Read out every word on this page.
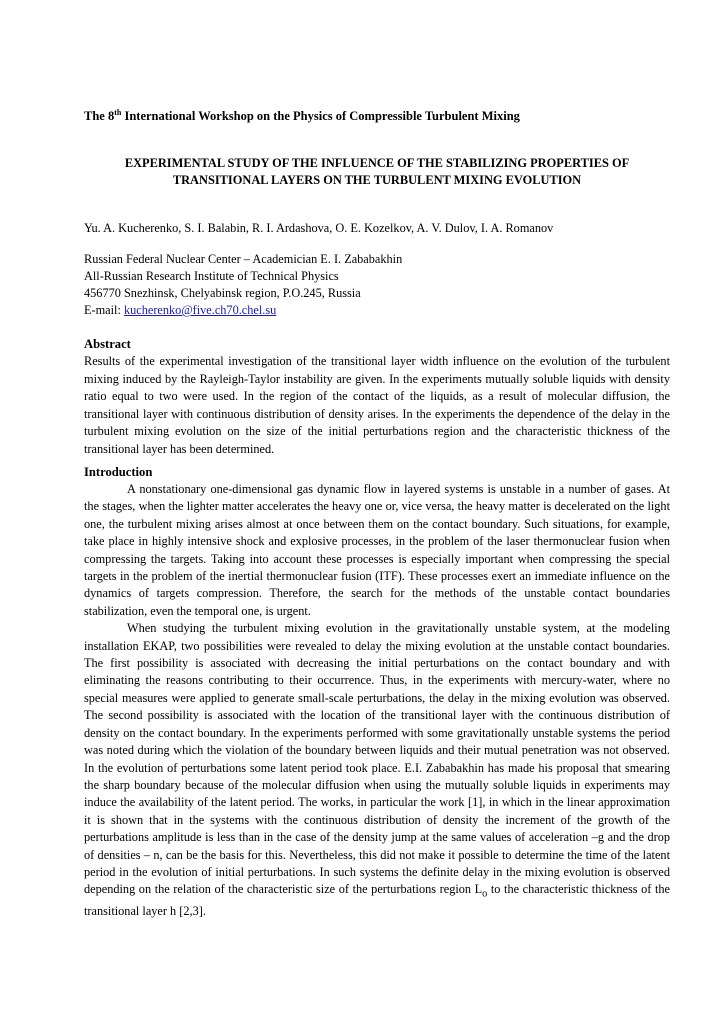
The 8th International Workshop on the Physics of Compressible Turbulent Mixing
EXPERIMENTAL STUDY OF THE INFLUENCE OF THE STABILIZING PROPERTIES OF TRANSITIONAL LAYERS ON THE TURBULENT MIXING EVOLUTION
Yu. A. Kucherenko, S. I. Balabin, R. I. Ardashova, O. E. Kozelkov, A. V. Dulov, I. A. Romanov
Russian Federal Nuclear Center – Academician E. I. Zababakhin
All-Russian Research Institute of Technical Physics
456770 Snezhinsk, Chelyabinsk region, P.O.245, Russia
E-mail: kucherenko@five.ch70.chel.su
Abstract
Results of the experimental investigation of the transitional layer width influence on the evolution of the turbulent mixing induced by the Rayleigh-Taylor instability are given. In the experiments mutually soluble liquids with density ratio equal to two were used. In the region of the contact of the liquids, as a result of molecular diffusion, the transitional layer with continuous distribution of density arises. In the experiments the dependence of the delay in the turbulent mixing evolution on the size of the initial perturbations region and the characteristic thickness of the transitional layer has been determined.
Introduction

A nonstationary one-dimensional gas dynamic flow in layered systems is unstable in a number of gases. At the stages, when the lighter matter accelerates the heavy one or, vice versa, the heavy matter is decelerated on the light one, the turbulent mixing arises almost at once between them on the contact boundary. Such situations, for example, take place in highly intensive shock and explosive processes, in the problem of the laser thermonuclear fusion when compressing the targets. Taking into account these processes is especially important when compressing the special targets in the problem of the inertial thermonuclear fusion (ITF). These processes exert an immediate influence on the dynamics of targets compression. Therefore, the search for the methods of the unstable contact boundaries stabilization, even the temporal one, is urgent.

When studying the turbulent mixing evolution in the gravitationally unstable system, at the modeling installation EKAP, two possibilities were revealed to delay the mixing evolution at the unstable contact boundaries. The first possibility is associated with decreasing the initial perturbations on the contact boundary and with eliminating the reasons contributing to their occurrence. Thus, in the experiments with mercury-water, where no special measures were applied to generate small-scale perturbations, the delay in the mixing evolution was observed. The second possibility is associated with the location of the transitional layer with the continuous distribution of density on the contact boundary. In the experiments performed with some gravitationally unstable systems the period was noted during which the violation of the boundary between liquids and their mutual penetration was not observed. In the evolution of perturbations some latent period took place. E.I. Zababakhin has made his proposal that smearing the sharp boundary because of the molecular diffusion when using the mutually soluble liquids in experiments may induce the availability of the latent period. The works, in particular the work [1], in which in the linear approximation it is shown that in the systems with the continuous distribution of density the increment of the growth of the perturbations amplitude is less than in the case of the density jump at the same values of acceleration –g and the drop of densities – n, can be the basis for this. Nevertheless, this did not make it possible to determine the time of the latent period in the evolution of initial perturbations. In such systems the definite delay in the mixing evolution is observed depending on the relation of the characteristic size of the perturbations region $L_o$ to the characteristic thickness of the transitional layer h [2,3].
